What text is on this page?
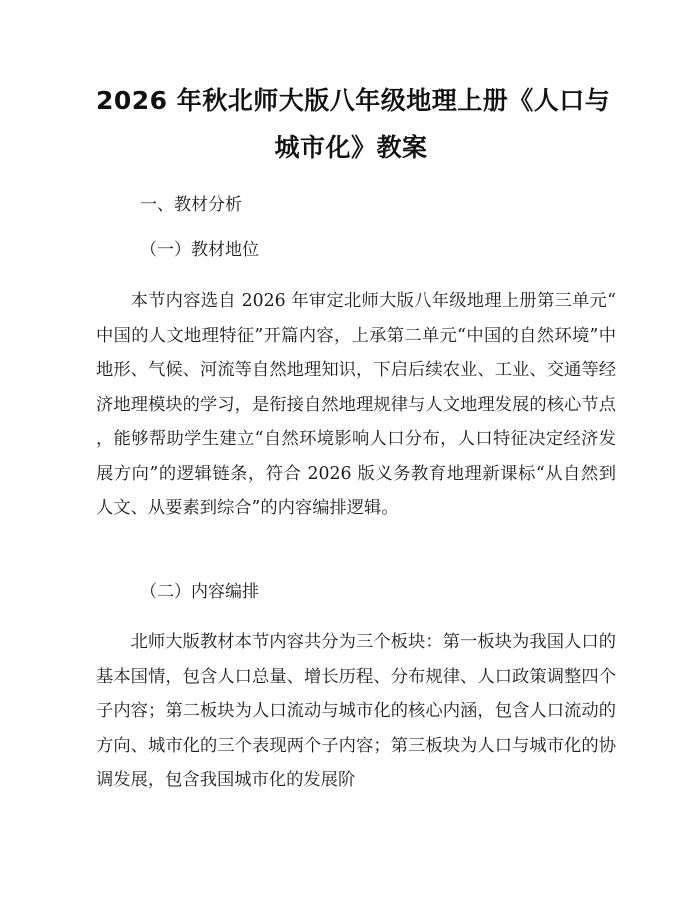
2026 年秋北师大版八年级地理上册《人口与
城市化》教案
一、教材分析
（一）教材地位
本节内容选自 2026 年审定北师大版八年级地理上册第三单元“中国的人文地理特征”开篇内容，上承第二单元“中国的自然环境”中地形、气候、河流等自然地理知识，下启后续农业、工业、交通等经济地理模块的学习，是衔接自然地理规律与人文地理发展的核心节点，能够帮助学生建立“自然环境影响人口分布，人口特征决定经济发展方向”的逻辑链条，符合 2026 版义务教育地理新课标“从自然到人文、从要素到综合”的内容编排逻辑。
（二）内容编排
北师大版教材本节内容共分为三个板块：第一板块为我国人口的基本国情，包含人口总量、增长历程、分布规律、人口政策调整四个子内容；第二板块为人口流动与城市化的核心内涵，包含人口流动的方向、城市化的三个表现两个子内容；第三板块为人口与城市化的协调发展，包含我国城市化的发展阶
